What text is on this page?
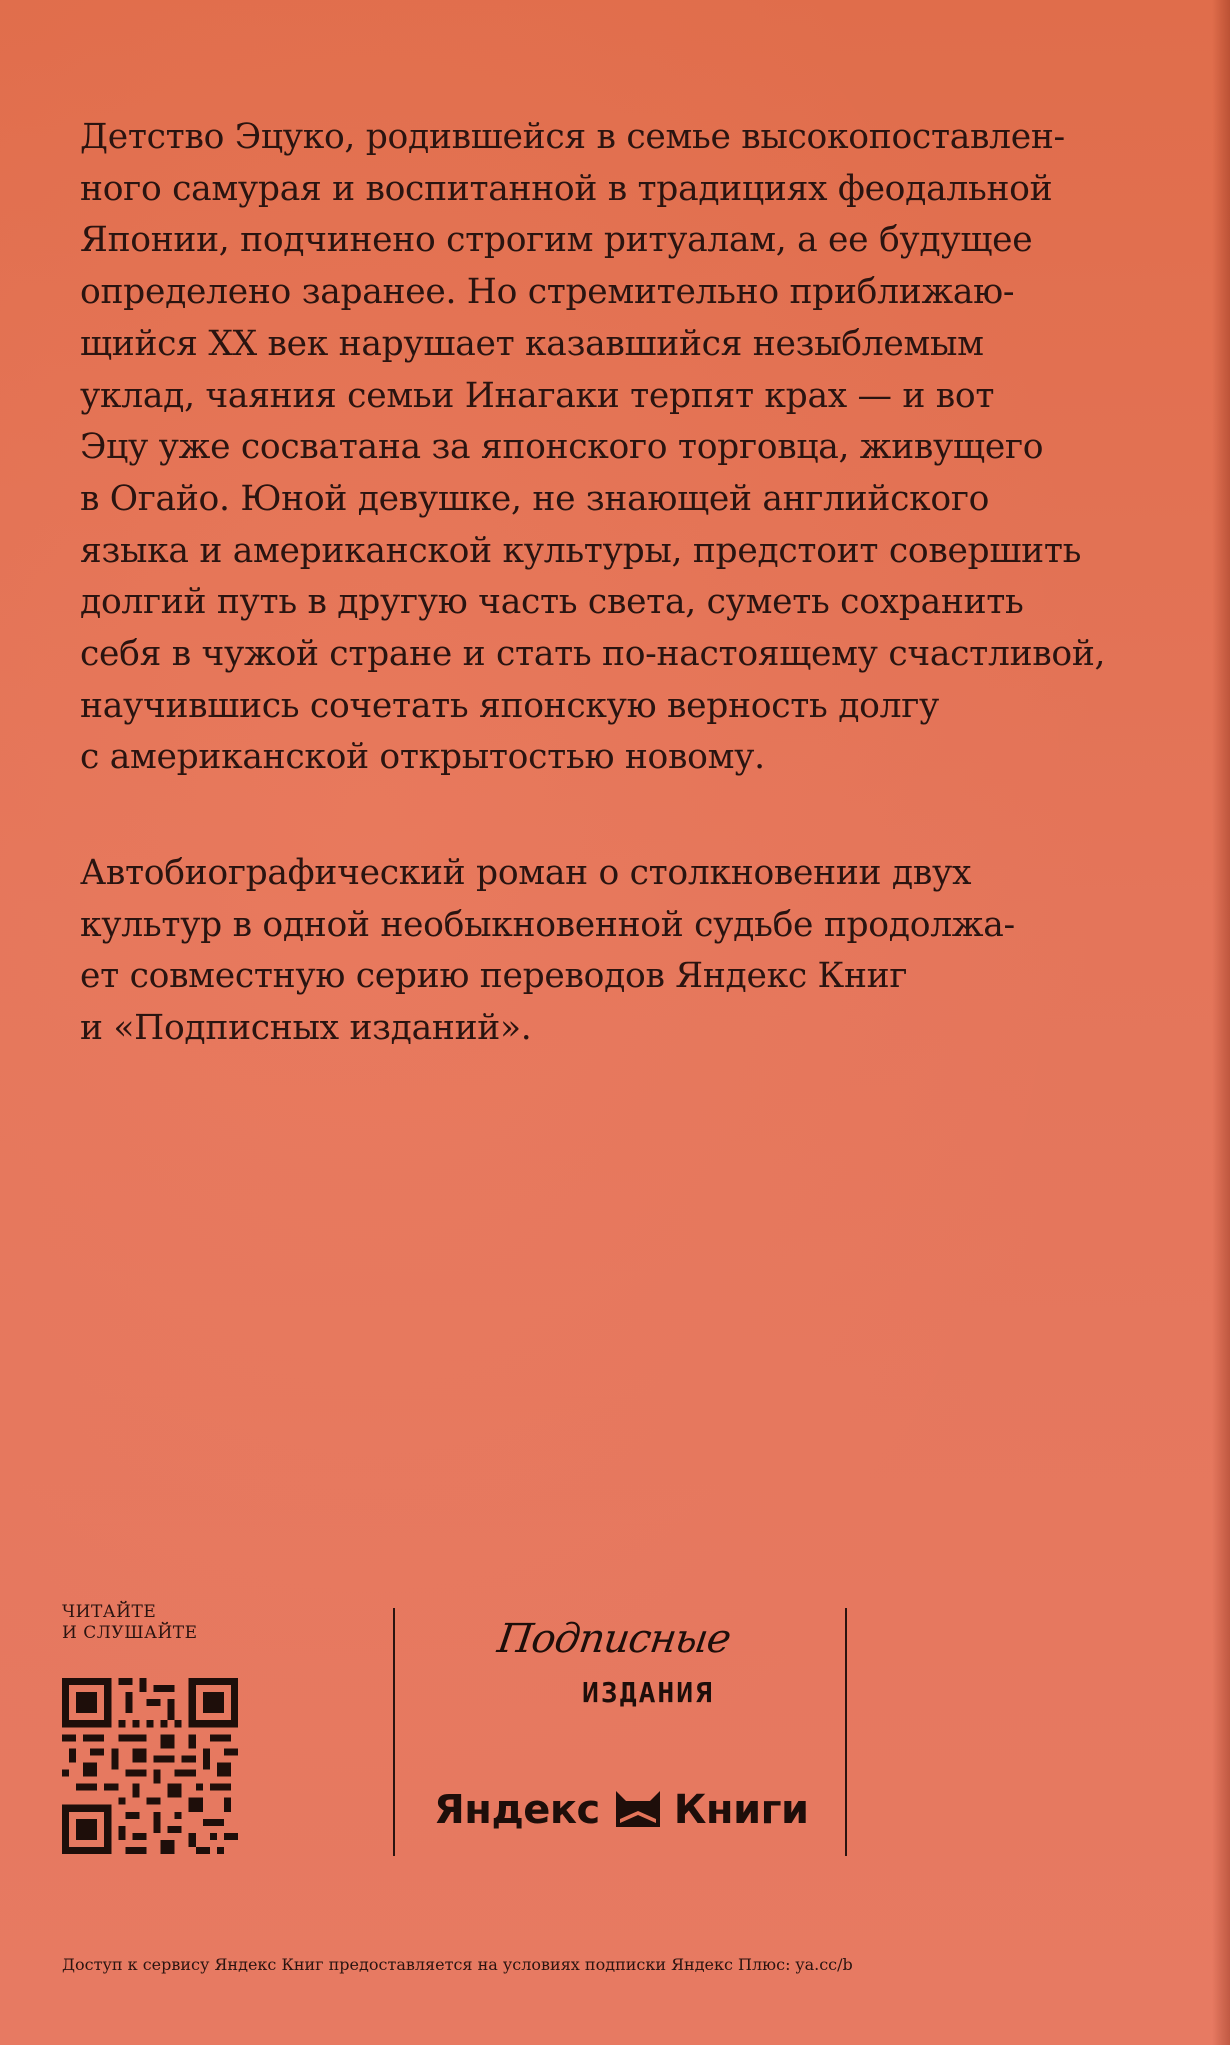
Детство Эцуко, родившейся в семье высокопоставлен-
ного самурая и воспитанной в традициях феодальной
Японии, подчинено строгим ритуалам, а ее будущее
определено заранее. Но стремительно приближаю-
щийся XX век нарушает казавшийся незыблемым
уклад, чаяния семьи Инагаки терпят крах — и вот
Эцу уже сосватана за японского торговца, живущего
в Огайо. Юной девушке, не знающей английского
языка и американской культуры, предстоит совершить
долгий путь в другую часть света, суметь сохранить
себя в чужой стране и стать по-настоящему счастливой,
научившись сочетать японскую верность долгу
с американской открытостью новому.
Автобиографический роман о столкновении двух
культур в одной необыкновенной судьбе продолжа-
ет совместную серию переводов Яндекс Книг
и «Подписных изданий».
ЧИТАЙТЕ
И СЛУШАЙТЕ	Подписные
ИЗДАНИЯ
Яндекс Книги
Доступ к сервису Яндекс Книг предоставляется на условиях подписки Яндекс Плюс: ya.cc/b
